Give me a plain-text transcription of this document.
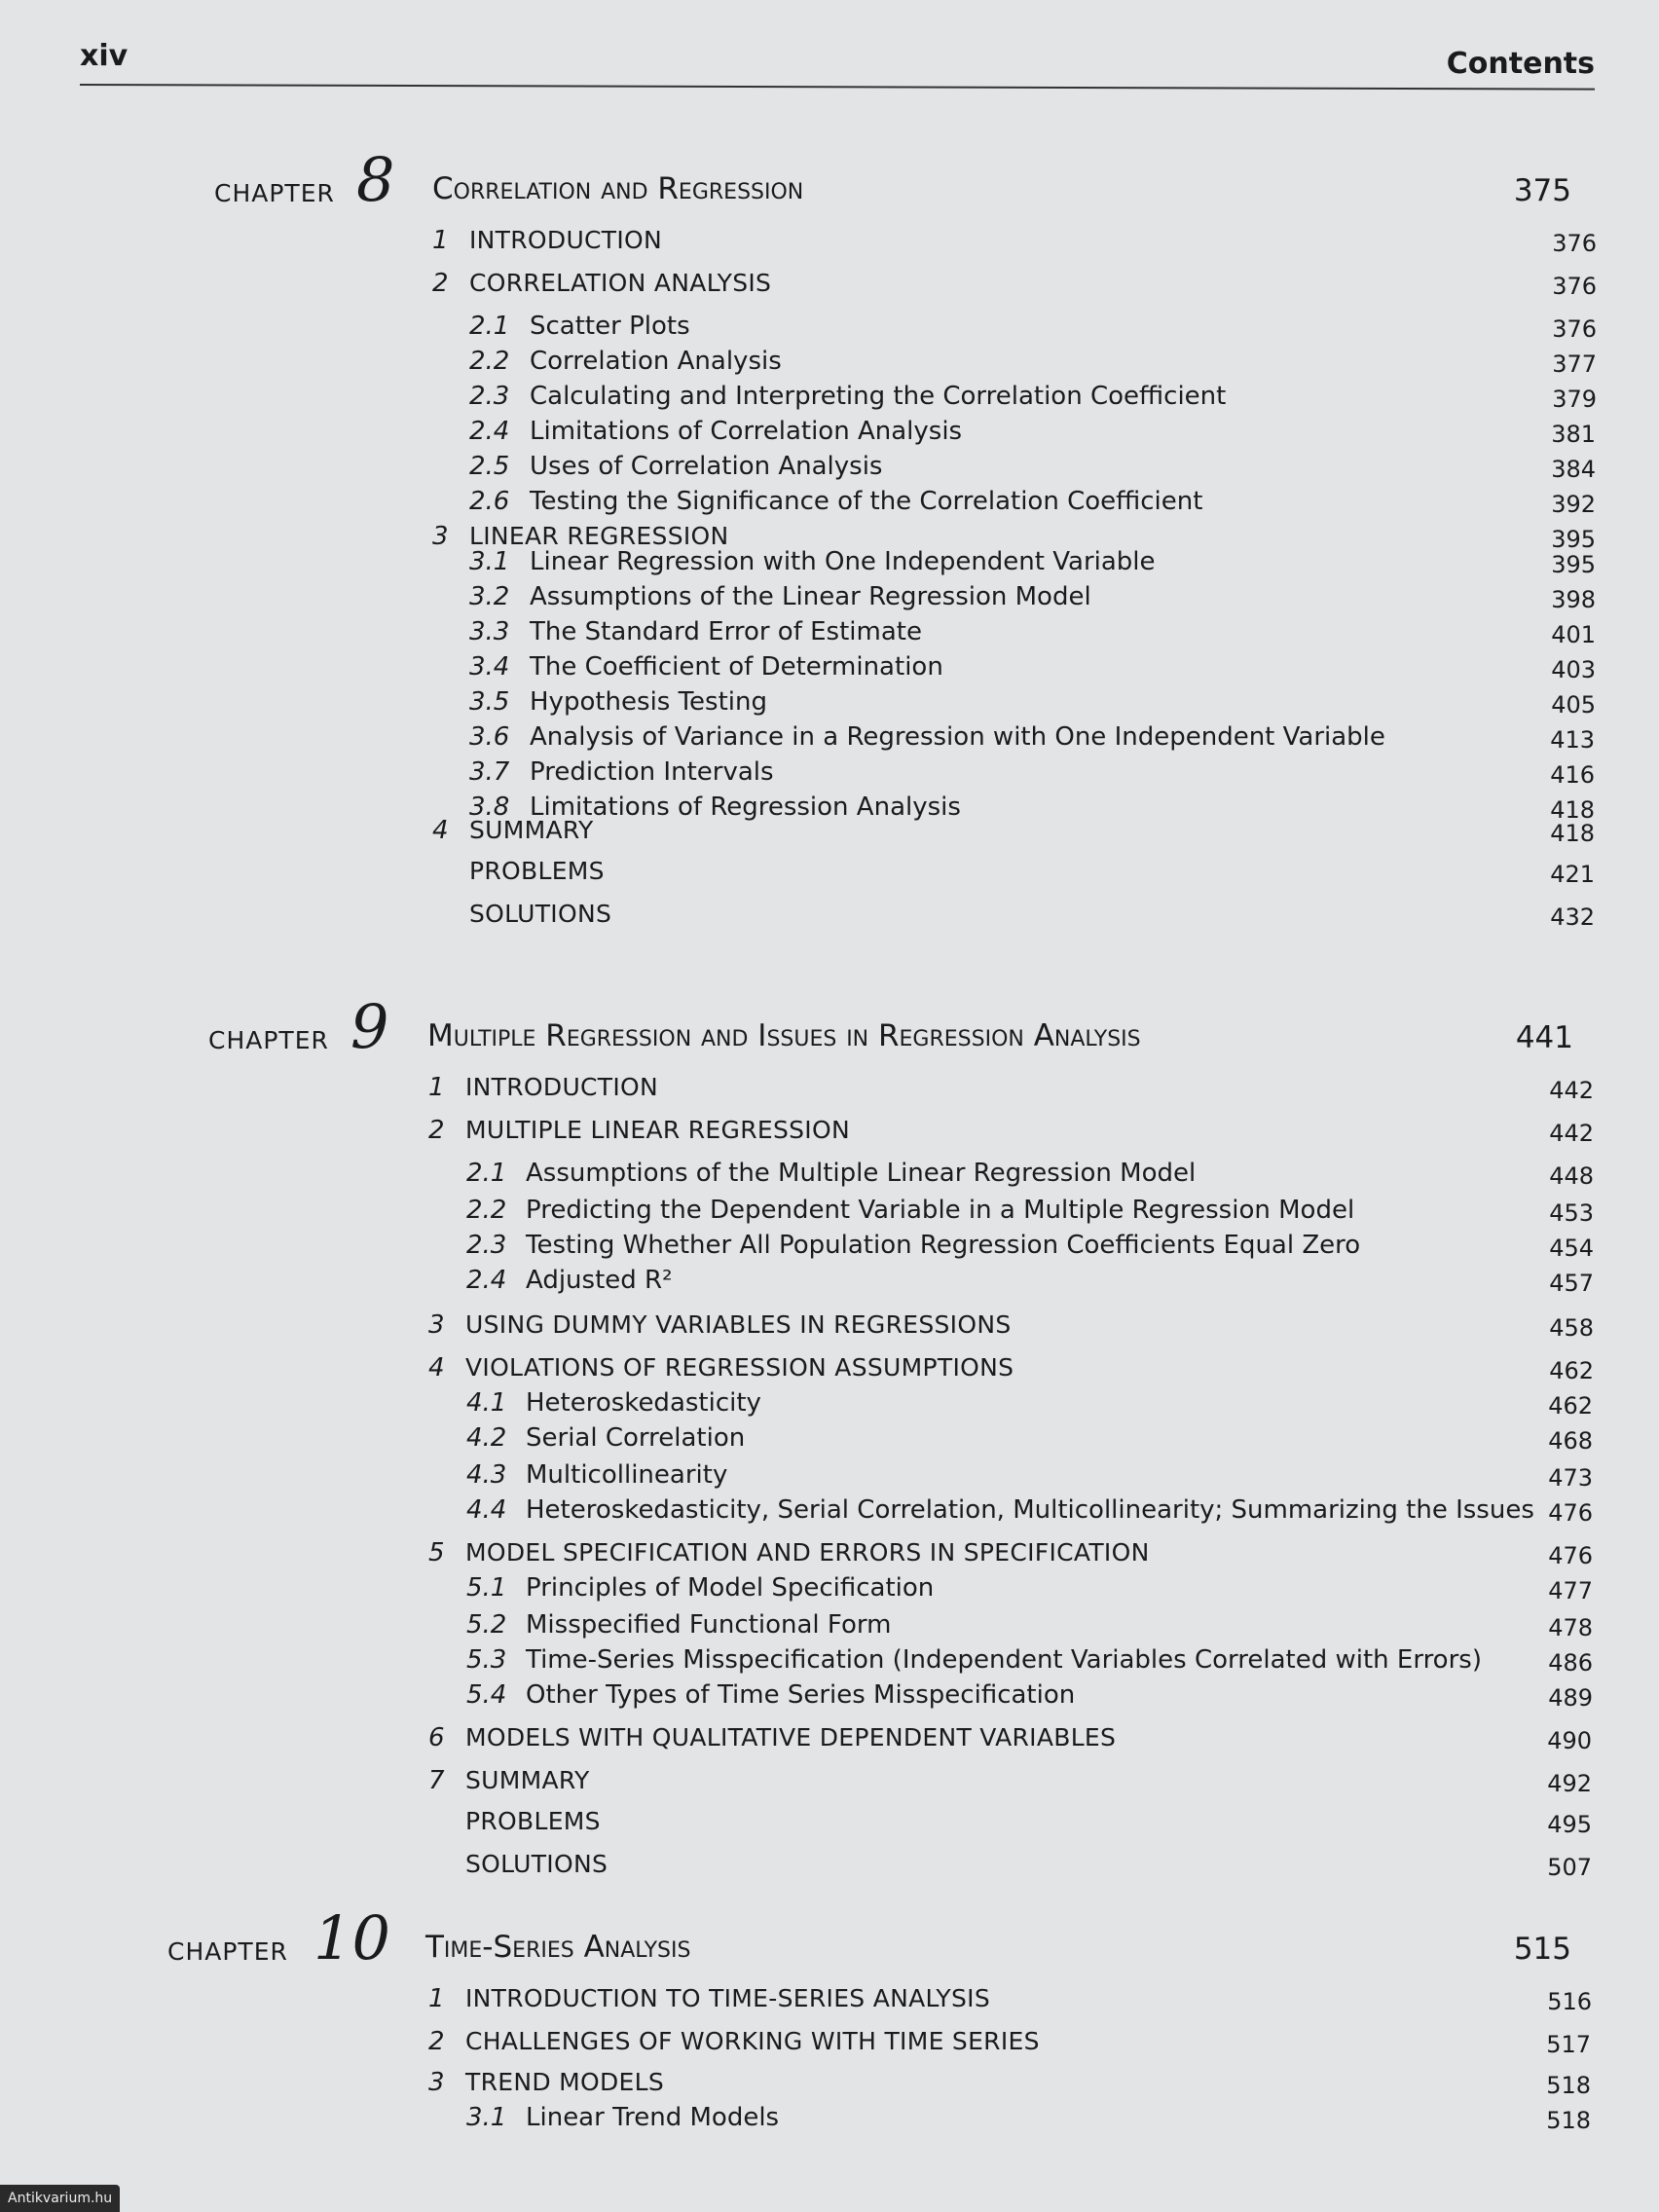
xiv	Contents
CHAPTER 8 Correlation and Regression	375
1 INTRODUCTION	376
2 CORRELATION ANALYSIS	376
2.1 Scatter Plots	376
2.2 Correlation Analysis	377
2.3 Calculating and Interpreting the Correlation Coefficient	379
2.4 Limitations of Correlation Analysis	381
2.5 Uses of Correlation Analysis	384
2.6 Testing the Significance of the Correlation Coefficient	392
3 LINEAR REGRESSION	395
3.1 Linear Regression with One Independent Variable	395
3.2 Assumptions of the Linear Regression Model	398
3.3 The Standard Error of Estimate	401
3.4 The Coefficient of Determination	403
3.5 Hypothesis Testing	405
3.6 Analysis of Variance in a Regression with One Independent Variable	413
3.7 Prediction Intervals	416
3.8 Limitations of Regression Analysis	418
4 SUMMARY	418
PROBLEMS	421
SOLUTIONS	432
CHAPTER 9 Multiple Regression and Issues in Regression Analysis	441
1 INTRODUCTION	442
2 MULTIPLE LINEAR REGRESSION	442
2.1 Assumptions of the Multiple Linear Regression Model	448
2.2 Predicting the Dependent Variable in a Multiple Regression Model	453
2.3 Testing Whether All Population Regression Coefficients Equal Zero	454
2.4 Adjusted R²	457
3 USING DUMMY VARIABLES IN REGRESSIONS	458
4 VIOLATIONS OF REGRESSION ASSUMPTIONS	462
4.1 Heteroskedasticity	462
4.2 Serial Correlation	468
4.3 Multicollinearity	473
4.4 Heteroskedasticity, Serial Correlation, Multicollinearity; Summarizing the Issues 476
5 MODEL SPECIFICATION AND ERRORS IN SPECIFICATION	476
5.1 Principles of Model Specification	477
5.2 Misspecified Functional Form	478
5.3 Time-Series Misspecification (Independent Variables Correlated with Errors)	486
5.4 Other Types of Time Series Misspecification	489
6 MODELS WITH QUALITATIVE DEPENDENT VARIABLES	490
7 SUMMARY	492
PROBLEMS	495
SOLUTIONS	507
CHAPTER 10 Time-Series Analysis	515
1 INTRODUCTION TO TIME-SERIES ANALYSIS	516
2 CHALLENGES OF WORKING WITH TIME SERIES	517
3 TREND MODELS	518
3.1 Linear Trend Models	518
Antikvarium.hu
